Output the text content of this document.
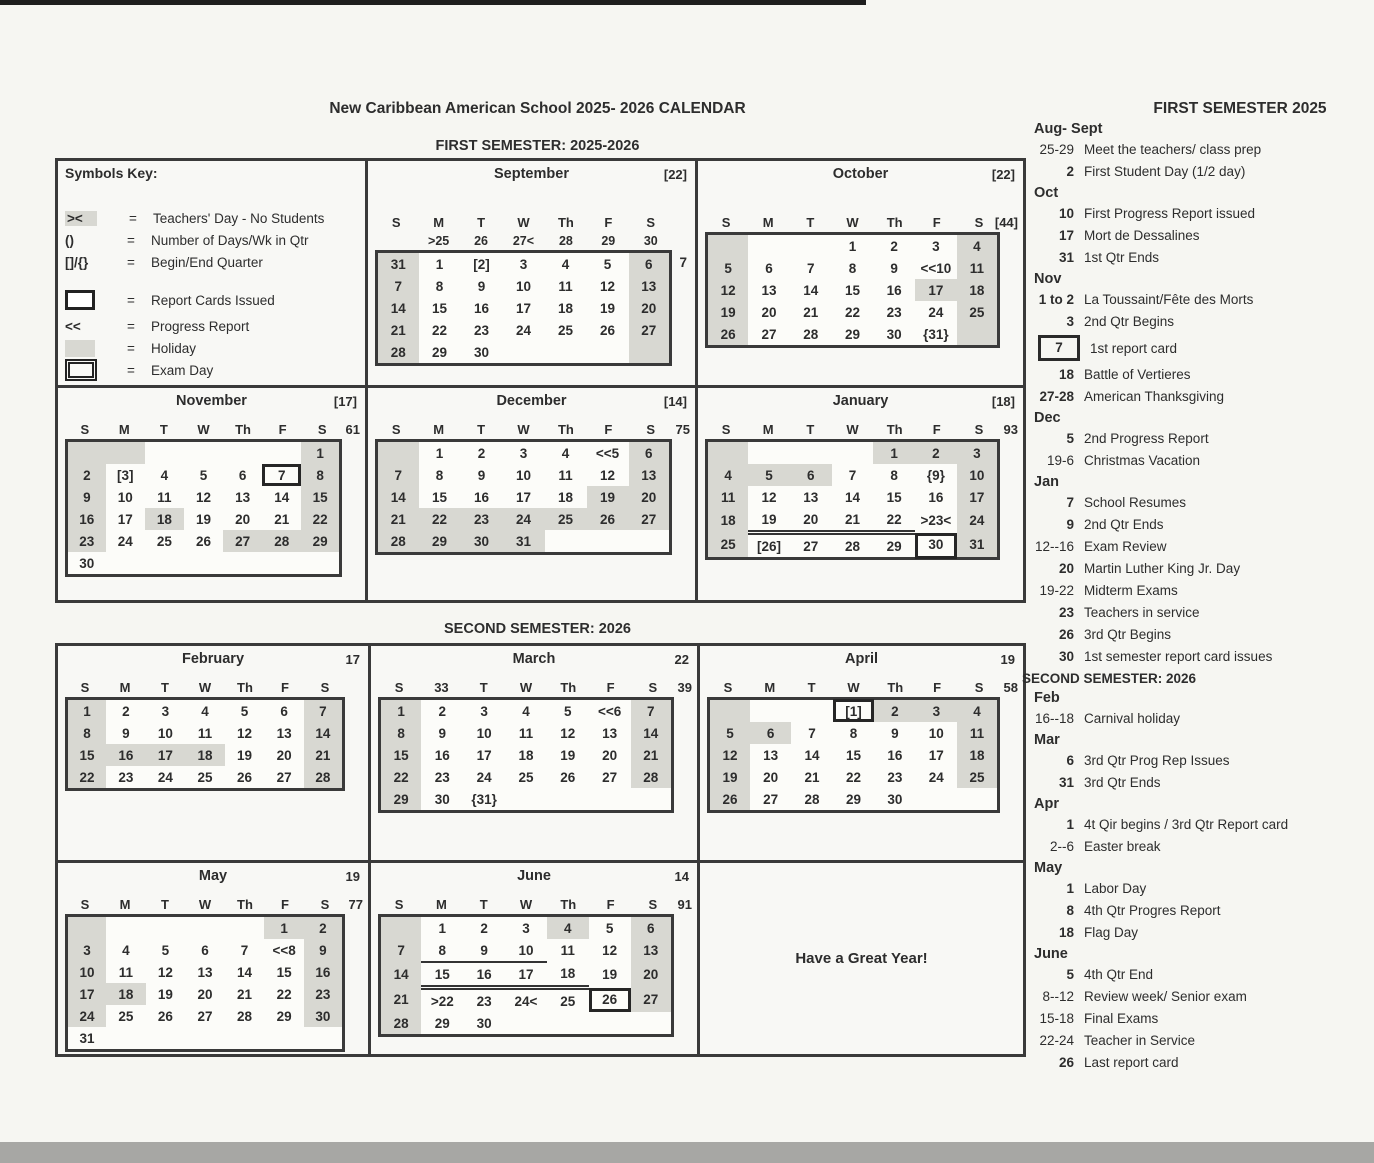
New Caribbean American School 2025- 2026 CALENDAR	FIRST SEMESTER 2025
FIRST SEMESTER: 2025-2026
SECOND SEMESTER: 2026
Symbols Key:
><	=	Teachers' Day - No Students
()	=	Number of Days/Wk in Qtr
[]/{}	=	Begin/End Quarter
=	Report Cards Issued
<<	=	Progress Report
=	Holiday
=	Exam Day
September	[22]
S	M	T	W	Th	F	S
	>25	26	27<	28	29	30
31	1	[2]	3	4	5	6
7	8	9	10	11	12	13
14	15	16	17	18	19	20
21	22	23	24	25	26	27
28	29	30				
7
October	[22]
S	M	T	W	Th	F	S [44]
			1	2	3	4
5	6	7	8	9	<<10	11
12	13	14	15	16	17	18
19	20	21	22	23	24	25
26	27	28	29	30	{31}	
November	[17]
S	M	T	W	Th	F	S 61
						1
2	[3]	4	5	6	7	8
9	10	11	12	13	14	15
16	17	18	19	20	21	22
23	24	25	26	27	28	29
30						
December	[14]
S	M	T	W	Th	F	S 75
	1	2	3	4	<<5	6
7	8	9	10	11	12	13
14	15	16	17	18	19	20
21	22	23	24	25	26	27
28	29	30	31			
January	[18]
S	M	T	W	Th	F	S 93
				1	2	3
4	5	6	7	8	{9}	10
11	12	13	14	15	16	17
18	19	20	21	22	>23<	24
25	[26]	27	28	29	30	31
February	17
S	M	T	W	Th	F	S
1	2	3	4	5	6	7
8	9	10	11	12	13	14
15	16	17	18	19	20	21
22	23	24	25	26	27	28
March	22
S	33	T	W	Th	F	S 39
1	2	3	4	5	<<6	7
8	9	10	11	12	13	14
15	16	17	18	19	20	21
22	23	24	25	26	27	28
29	30	{31}				
April	19
S	M	T	W	Th	F	S 58
			[1]	2	3	4
5	6	7	8	9	10	11
12	13	14	15	16	17	18
19	20	21	22	23	24	25
26	27	28	29	30		
May	19
S	M	T	W	Th	F	S 77
					1	2
3	4	5	6	7	<<8	9
10	11	12	13	14	15	16
17	18	19	20	21	22	23
24	25	26	27	28	29	30
31						
June	14
S	M	T	W	Th	F	S 91
	1	2	3	4	5	6
7	8	9	10	11	12	13
14	15	16	17	18	19	20
21	>22	23	24<	25	26	27
28	29	30				
Have a Great Year!
Aug- Sept
25-29 Meet the teachers/ class prep
2 First Student Day (1/2 day)
Oct
10 First Progress Report issued
17 Mort de Dessalines
31 1st Qtr Ends
Nov
1 to 2 La Toussaint/Fête des Morts
3 2nd Qtr Begins
7	1st report card
18 Battle of Vertieres
27-28 American Thanksgiving
Dec
5 2nd Progress Report
19-6 Christmas Vacation
Jan
7 School Resumes
9 2nd Qtr Ends
12--16 Exam Review
20 Martin Luther King Jr. Day
19-22 Midterm Exams
23 Teachers in service
26 3rd Qtr Begins
30 1st semester report card issues
SECOND SEMESTER: 2026
Feb
16--18 Carnival holiday
Mar
6 3rd Qtr Prog Rep Issues
31 3rd Qtr Ends
Apr
1 4t Qir begins / 3rd Qtr Report card
2--6 Easter break
May
1 Labor Day
8 4th Qtr Progres Report
18 Flag Day
June
5 4th Qtr End
8--12 Review week/ Senior exam
15-18 Final Exams
22-24 Teacher in Service
26 Last report card
